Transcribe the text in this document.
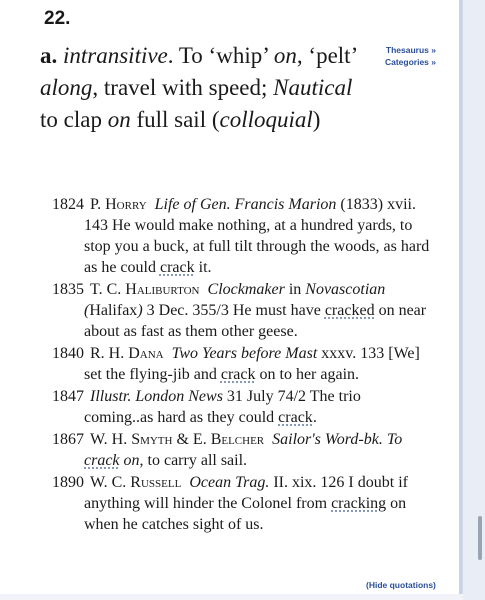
22.
Thesaurus »
Categories »
a. intransitive. To ‘whip’ on, ‘pelt’ along, travel with speed; Nautical to clap on full sail (colloquial)
1824 P. Horry Life of Gen. Francis Marion (1833) xvii. 143 He would make nothing, at a hundred yards, to stop you a buck, at full tilt through the woods, as hard as he could crack it.
1835 T. C. Haliburton Clockmaker in Novascotian (Halifax) 3 Dec. 355/3 He must have cracked on near about as fast as them other geese.
1840 R. H. Dana Two Years before Mast xxxv. 133 [We] set the flying-jib and crack on to her again.
1847 Illustr. London News 31 July 74/2 The trio coming..as hard as they could crack.
1867 W. H. Smyth & E. Belcher Sailor's Word-bk. To crack on, to carry all sail.
1890 W. C. Russell Ocean Trag. II. xix. 126 I doubt if anything will hinder the Colonel from cracking on when he catches sight of us.
(Hide quotations)
